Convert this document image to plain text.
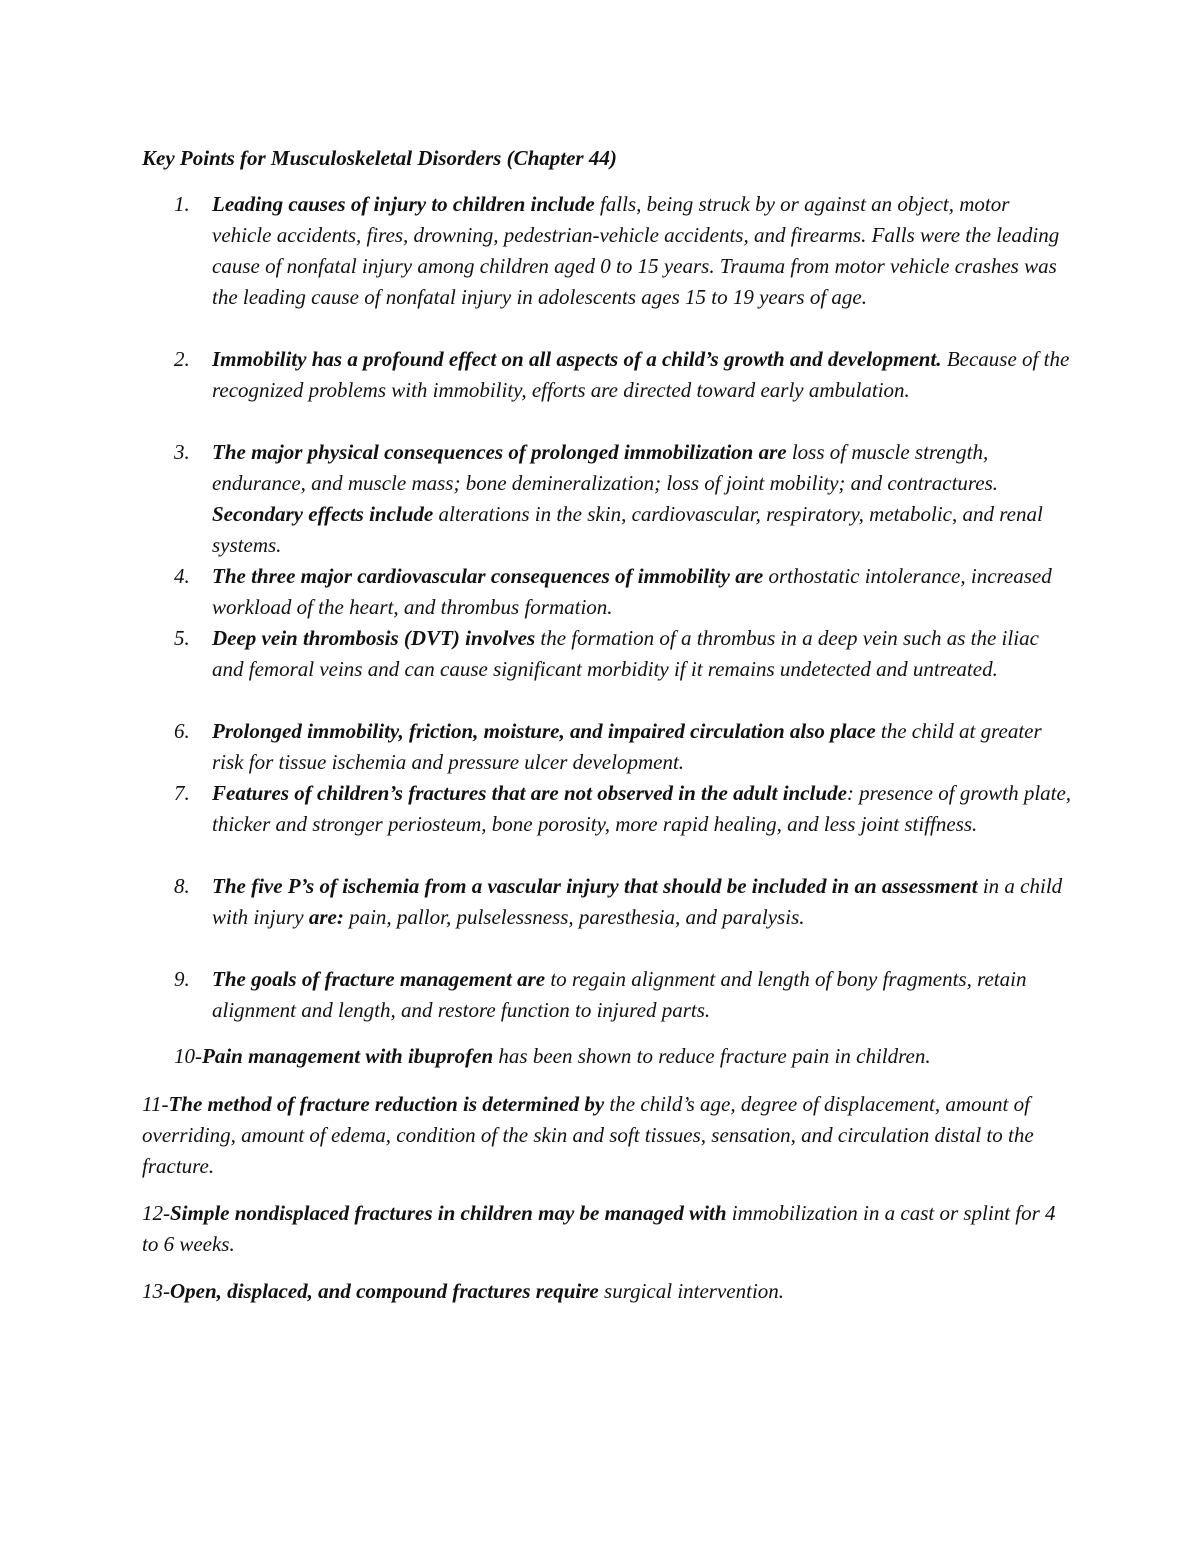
Key Points for Musculoskeletal Disorders (Chapter 44)
1.	Leading causes of injury to children include falls, being struck by or against an object, motor vehicle accidents, fires, drowning, pedestrian-vehicle accidents, and firearms. Falls were the leading cause of nonfatal injury among children aged 0 to 15 years. Trauma from motor vehicle crashes was the leading cause of nonfatal injury in adolescents ages 15 to 19 years of age.
2.	Immobility has a profound effect on all aspects of a child’s growth and development. Because of the recognized problems with immobility, efforts are directed toward early ambulation.
3.	The major physical consequences of prolonged immobilization are loss of muscle strength, endurance, and muscle mass; bone demineralization; loss of joint mobility; and contractures. Secondary effects include alterations in the skin, cardiovascular, respiratory, metabolic, and renal systems.
4.	The three major cardiovascular consequences of immobility are orthostatic intolerance, increased workload of the heart, and thrombus formation.
5.	Deep vein thrombosis (DVT) involves the formation of a thrombus in a deep vein such as the iliac and femoral veins and can cause significant morbidity if it remains undetected and untreated.
6.	Prolonged immobility, friction, moisture, and impaired circulation also place the child at greater risk for tissue ischemia and pressure ulcer development.
7.	Features of children’s fractures that are not observed in the adult include: presence of growth plate, thicker and stronger periosteum, bone porosity, more rapid healing, and less joint stiffness.
8.	The five P’s of ischemia from a vascular injury that should be included in an assessment in a child with injury are: pain, pallor, pulselessness, paresthesia, and paralysis.
9.	The goals of fracture management are to regain alignment and length of bony fragments, retain alignment and length, and restore function to injured parts.
10-Pain management with ibuprofen has been shown to reduce fracture pain in children.
11-The method of fracture reduction is determined by the child’s age, degree of displacement, amount of overriding, amount of edema, condition of the skin and soft tissues, sensation, and circulation distal to the fracture.
12-Simple nondisplaced fractures in children may be managed with immobilization in a cast or splint for 4 to 6 weeks.
13-Open, displaced, and compound fractures require surgical intervention.
